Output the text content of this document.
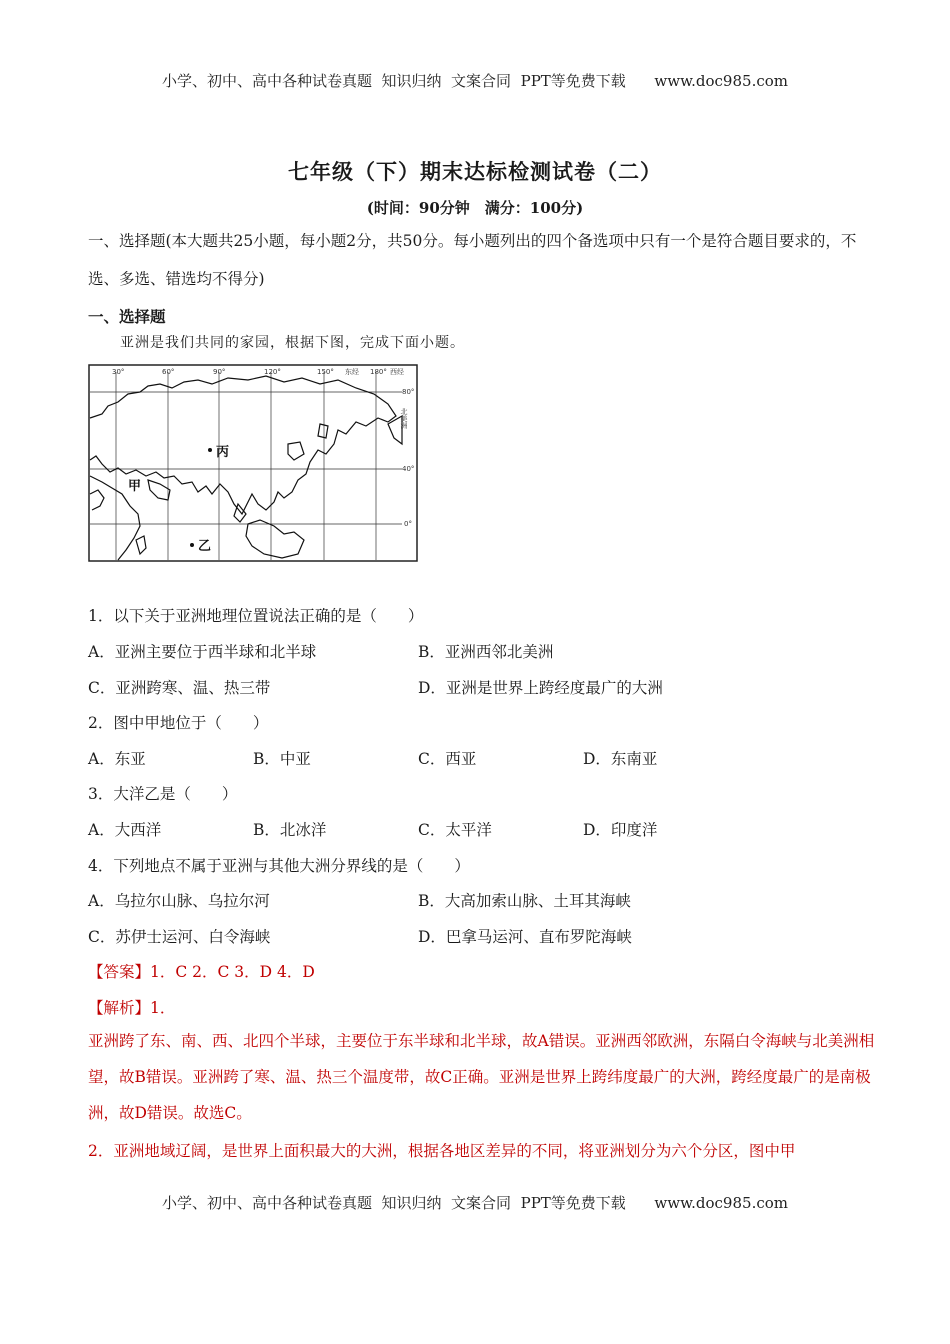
小学、初中、高中各种试卷真题  知识归纳  文案合同  PPT等免费下载      www.doc985.com
七年级（下）期末达标检测试卷（二）
(时间：90分钟　满分：100分)
一、选择题(本大题共25小题，每小题2分，共50分。每小题列出的四个备选项中只有一个是符合题目要求的，不选、多选、错选均不得分)
一、选择题
亚洲是我们共同的家园，根据下图，完成下面小题。
30°	60°	90°	120°	150° 东经 180° 西经
80°
40°
0°
北美洲
丙
甲
乙
1．以下关于亚洲地理位置说法正确的是（　　）
A．亚洲主要位于西半球和北半球	B．亚洲西邻北美洲
C．亚洲跨寒、温、热三带	D．亚洲是世界上跨经度最广的大洲
2．图中甲地位于（　　）
A．东亚	B．中亚	C．西亚	D．东南亚
3．大洋乙是（　　）
A．大西洋	B．北冰洋	C．太平洋	D．印度洋
4．下列地点不属于亚洲与其他大洲分界线的是（　　）
A．乌拉尔山脉、乌拉尔河	B．大高加索山脉、土耳其海峡
C．苏伊士运河、白令海峡	D．巴拿马运河、直布罗陀海峡
【答案】1．C 2．C 3．D 4．D
【解析】1．
亚洲跨了东、南、西、北四个半球，主要位于东半球和北半球，故A错误。亚洲西邻欧洲，东隔白令海峡与北美洲相望，故B错误。亚洲跨了寒、温、热三个温度带，故C正确。亚洲是世界上跨纬度最广的大洲，跨经度最广的是南极洲，故D错误。故选C。
2．亚洲地域辽阔，是世界上面积最大的大洲，根据各地区差异的不同，将亚洲划分为六个分区，图中甲
小学、初中、高中各种试卷真题  知识归纳  文案合同  PPT等免费下载      www.doc985.com
